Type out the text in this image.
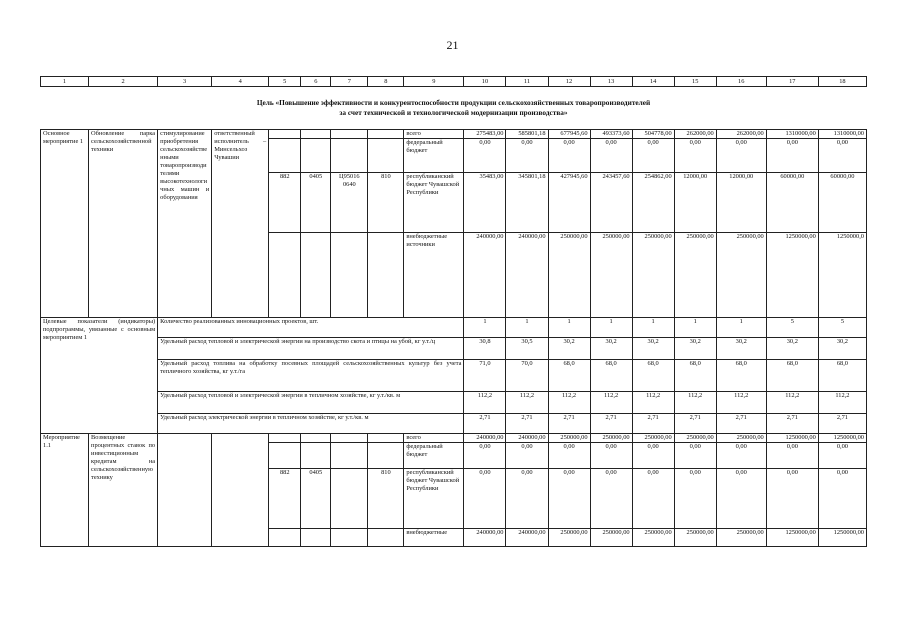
21
1	2	3	4	5	6	7	8	9	10	11	12	13	14	15	16	17	18
Цель «Повышение эффективности и конкурентоспособности продукции сельскохозяйственных товаропроизводителей
за счет технической и технологической модернизации производства»
Основное мероприятие 1	Обновление парка сельскохозяйственной техники	стимулирование приобретения сельскохозяйственными товаропроизводителями высокотехнологичных машин и оборудования	ответственный исполнитель – Минсельхоз Чувашии					всего	275483,00	585801,18	677945,60	493373,60	504778,00	262000,00	262000,00	1310000,00	1310000,00
								федеральный бюджет	0,00	0,00	0,00	0,00	0,00	0,00	0,00	0,00	0,00
				882	0405	Ц95016 0640	810	республиканский бюджет Чувашской Республики	35483,00	345801,18	427945,60	243457,60	254862,00	12000,00	12000,00	60000,00	60000,00
								внебюджетные источники	240000,00	240000,00	250000,00	250000,00	250000,00	250000,00	250000,00	1250000,00	1250000,0
Целевые показатели (индикаторы) подпрограммы, увязанные с основным мероприятием 1		Количество реализованных инновационных проектов, шт.							1	1	1	1	1	1	1	5	5
		Удельный расход тепловой и электрической энергии на производство скота и птицы на убой, кг у.т./ц							30,8	30,5	30,2	30,2	30,2	30,2	30,2	30,2	30,2
		Удельный расход топлива на обработку посевных площадей сельскохозяйственных культур без учета тепличного хозяйства, кг у.т./га							71,0	70,0	68,0	68,0	68,0	68,0	68,0	68,0	68,0
		Удельный расход тепловой и электрической энергии в тепличном хозяйстве, кг у.т./кв. м							112,2	112,2	112,2	112,2	112,2	112,2	112,2	112,2	112,2
		Удельный расход электрической энергии в тепличном хозяйстве, кг у.т./кв. м							2,71	2,71	2,71	2,71	2,71	2,71	2,71	2,71	2,71
Мероприятие 1.1	Возмещение процентных ставок по инвестиционным кредитам на сельскохозяйственную технику							всего	240000,00	240000,00	250000,00	250000,00	250000,00	250000,00	250000,00	1250000,00	1250000,00
								федеральный бюджет	0,00	0,00	0,00	0,00	0,00	0,00	0,00	0,00	0,00
				882	0405		810	республиканский бюджет Чувашской Республики	0,00	0,00	0,00	0,00	0,00	0,00	0,00	0,00	0,00
								внебюджетные	240000,00	240000,00	250000,00	250000,00	250000,00	250000,00	250000,00	1250000,00	1250000,00
